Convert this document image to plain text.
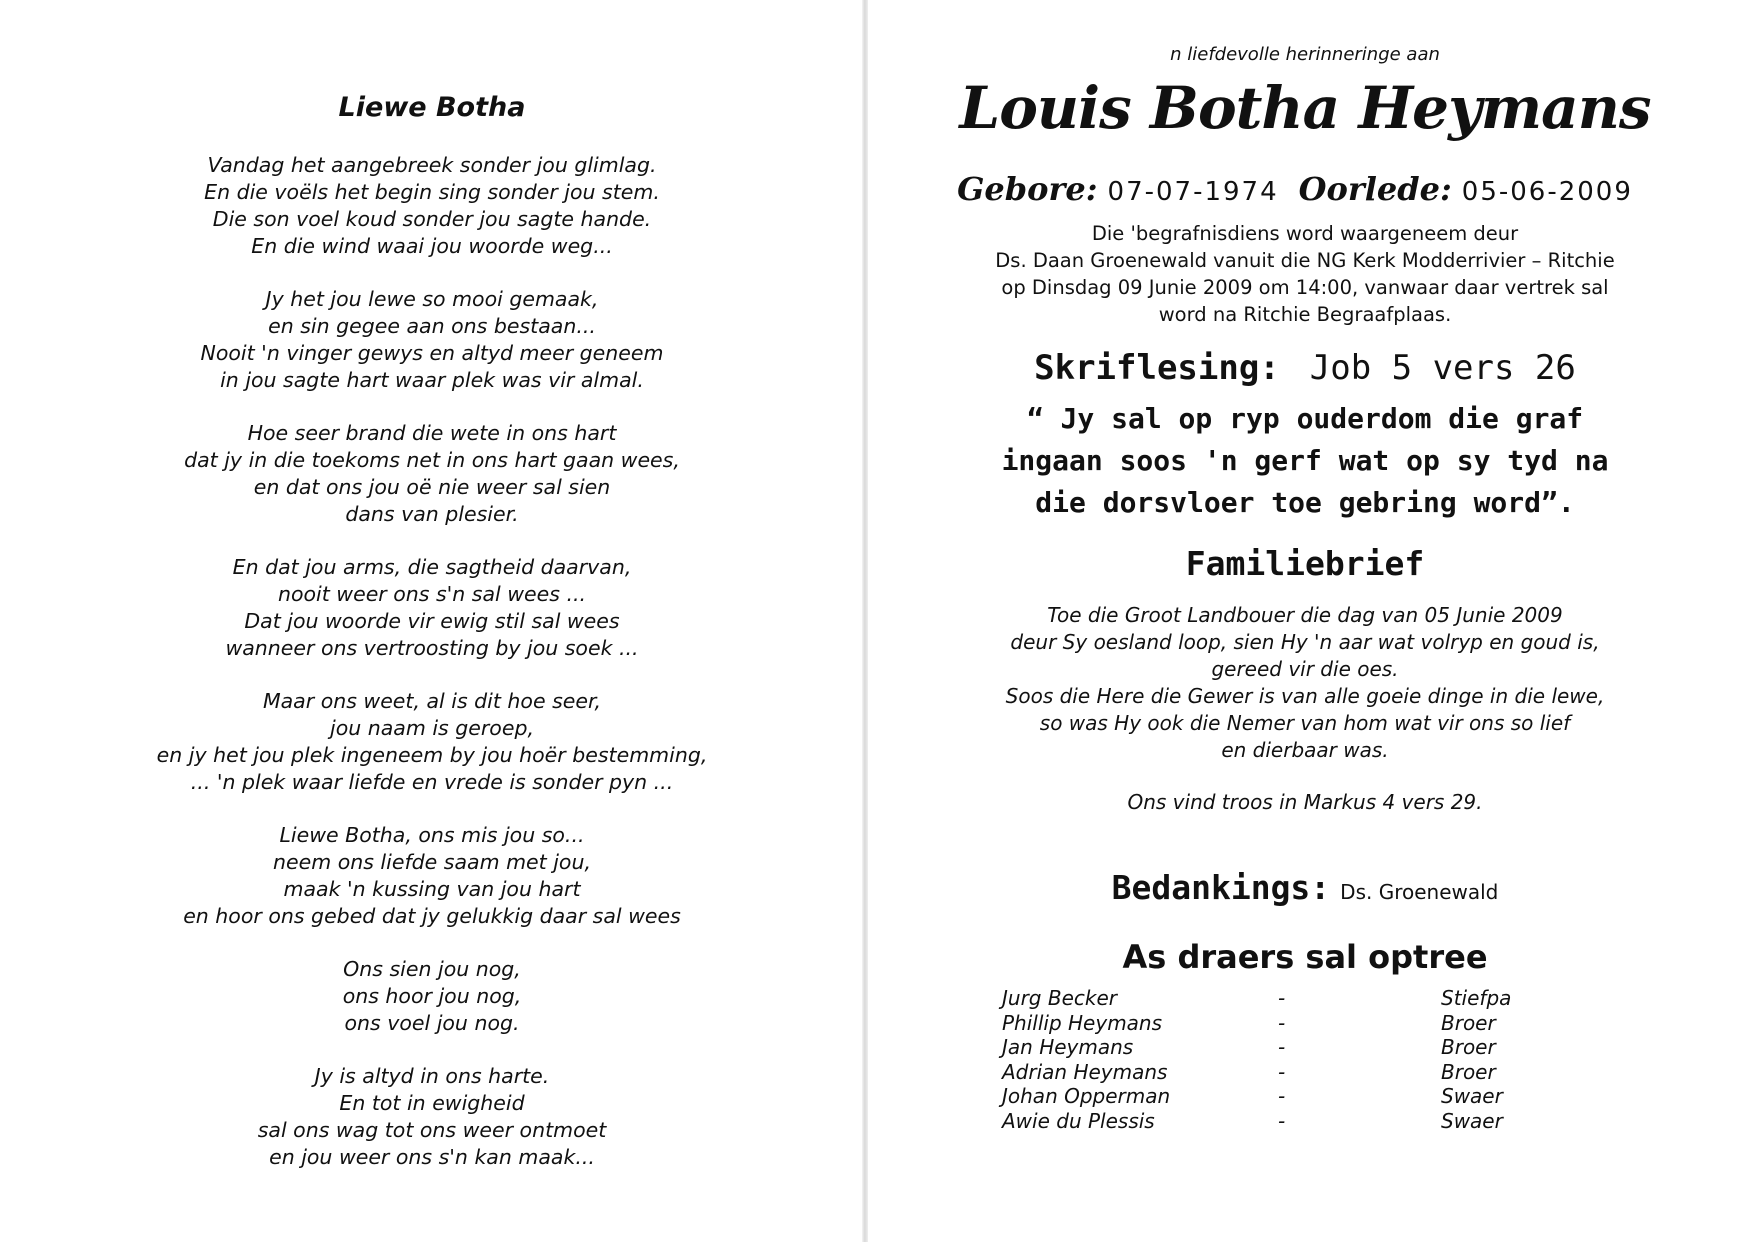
Liewe Botha
Vandag het aangebreek sonder jou glimlag.
En die voëls het begin sing sonder jou stem.
Die son voel koud sonder jou sagte hande.
En die wind waai jou woorde weg...
Jy het jou lewe so mooi gemaak,
en sin gegee aan ons bestaan...
Nooit 'n vinger gewys en altyd meer geneem
in jou sagte hart waar plek was vir almal.
Hoe seer brand die wete in ons hart
dat jy in die toekoms net in ons hart gaan wees,
en dat ons jou oë nie weer sal sien
dans van plesier.
En dat jou arms, die sagtheid daarvan,
nooit weer ons s'n sal wees ...
Dat jou woorde vir ewig stil sal wees
wanneer ons vertroosting by jou soek ...
Maar ons weet, al is dit hoe seer,
jou naam is geroep,
en jy het jou plek ingeneem by jou hoër bestemming,
... 'n plek waar liefde en vrede is sonder pyn ...
Liewe Botha, ons mis jou so...
neem ons liefde saam met jou,
maak 'n kussing van jou hart
en hoor ons gebed dat jy gelukkig daar sal wees
Ons sien jou nog,
ons hoor jou nog,
ons voel jou nog.
Jy is altyd in ons harte.
En tot in ewigheid
sal ons wag tot ons weer ontmoet
en jou weer ons s'n kan maak...
n liefdevolle herinneringe aan
Louis Botha Heymans
Gebore: 07-07-1974 Oorlede: 05-06-2009
Die 'begrafnisdiens word waargeneem deur
Ds. Daan Groenewald vanuit die NG Kerk Modderrivier – Ritchie
op Dinsdag 09 Junie 2009 om 14:00, vanwaar daar vertrek sal
word na Ritchie Begraafplaas.
Skriflesing: Job 5 vers 26
“ Jy sal op ryp ouderdom die graf
ingaan soos 'n gerf wat op sy tyd na
die dorsvloer toe gebring word”.
Familiebrief
Toe die Groot Landbouer die dag van 05 Junie 2009
deur Sy oesland loop, sien Hy 'n aar wat volryp en goud is,
gereed vir die oes.
Soos die Here die Gewer is van alle goeie dinge in die lewe,
so was Hy ook die Nemer van hom wat vir ons so lief
en dierbaar was.
Ons vind troos in Markus 4 vers 29.
Bedankings: Ds. Groenewald
As draers sal optree
Jurg Becker	-	Stiefpa
Phillip Heymans	-	Broer
Jan Heymans	-	Broer
Adrian Heymans	-	Broer
Johan Opperman	-	Swaer
Awie du Plessis	-	Swaer
